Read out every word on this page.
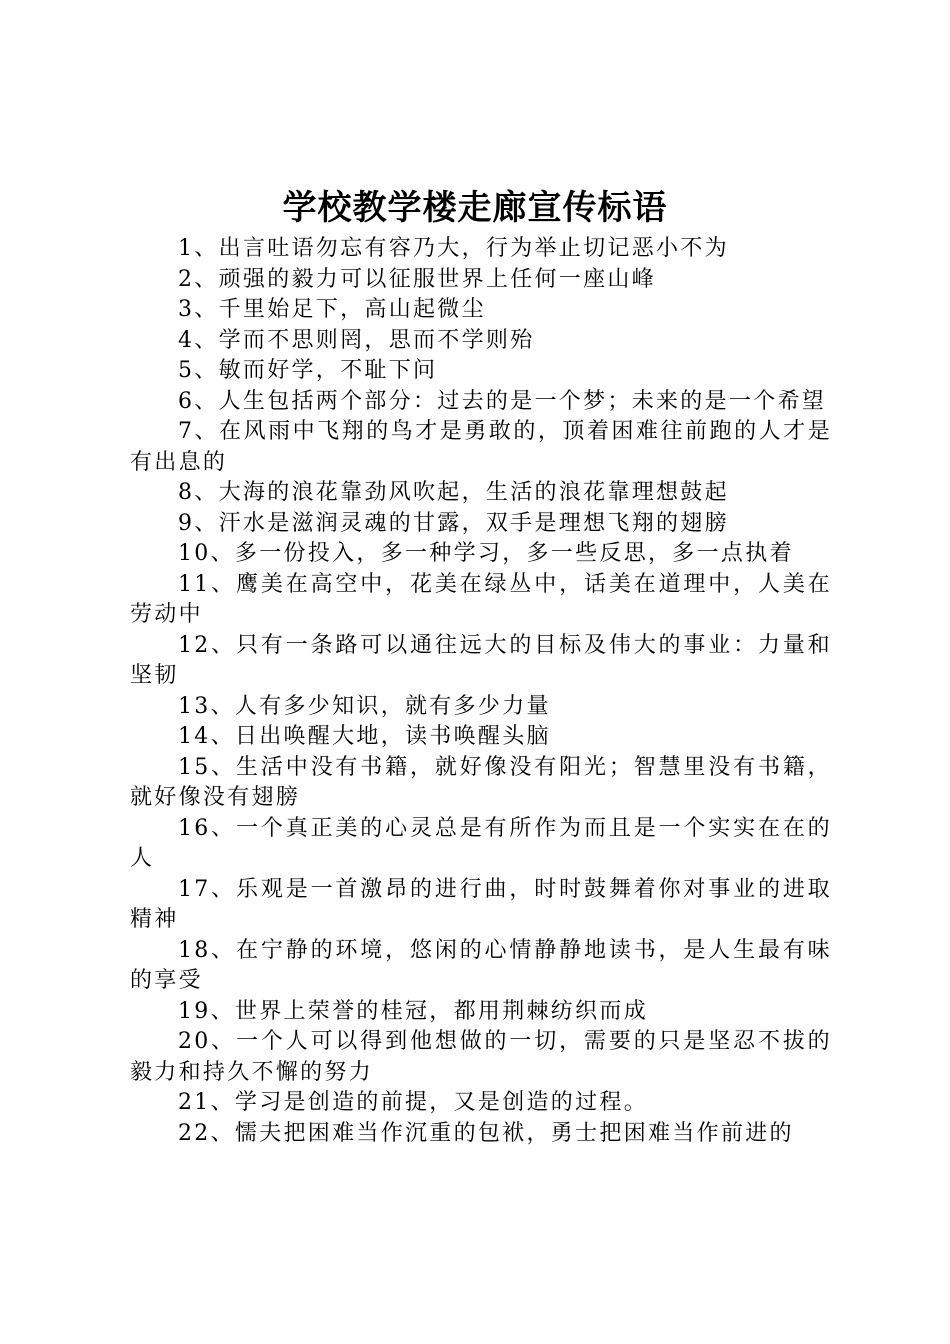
学校教学楼走廊宣传标语

1、出言吐语勿忘有容乃大，行为举止切记恶小不为

2、顽强的毅力可以征服世界上任何一座山峰

3、千里始足下，高山起微尘

4、学而不思则罔，思而不学则殆

5、敏而好学，不耻下问

6、人生包括两个部分：过去的是一个梦；未来的是一个希望

7、在风雨中飞翔的鸟才是勇敢的，顶着困难往前跑的人才是有出息的

8、大海的浪花靠劲风吹起，生活的浪花靠理想鼓起

9、汗水是滋润灵魂的甘露，双手是理想飞翔的翅膀

10、多一份投入，多一种学习，多一些反思，多一点执着

11、鹰美在高空中，花美在绿丛中，话美在道理中，人美在劳动中

12、只有一条路可以通往远大的目标及伟大的事业：力量和坚韧

13、人有多少知识，就有多少力量

14、日出唤醒大地，读书唤醒头脑

15、生活中没有书籍，就好像没有阳光；智慧里没有书籍，就好像没有翅膀

16、一个真正美的心灵总是有所作为而且是一个实实在在的人

17、乐观是一首激昂的进行曲，时时鼓舞着你对事业的进取精神

18、在宁静的环境，悠闲的心情静静地读书，是人生最有味的享受

19、世界上荣誉的桂冠，都用荆棘纺织而成

20、一个人可以得到他想做的一切，需要的只是坚忍不拔的毅力和持久不懈的努力

21、学习是创造的前提，又是创造的过程。

22、懦夫把困难当作沉重的包袱，勇士把困难当作前进的
